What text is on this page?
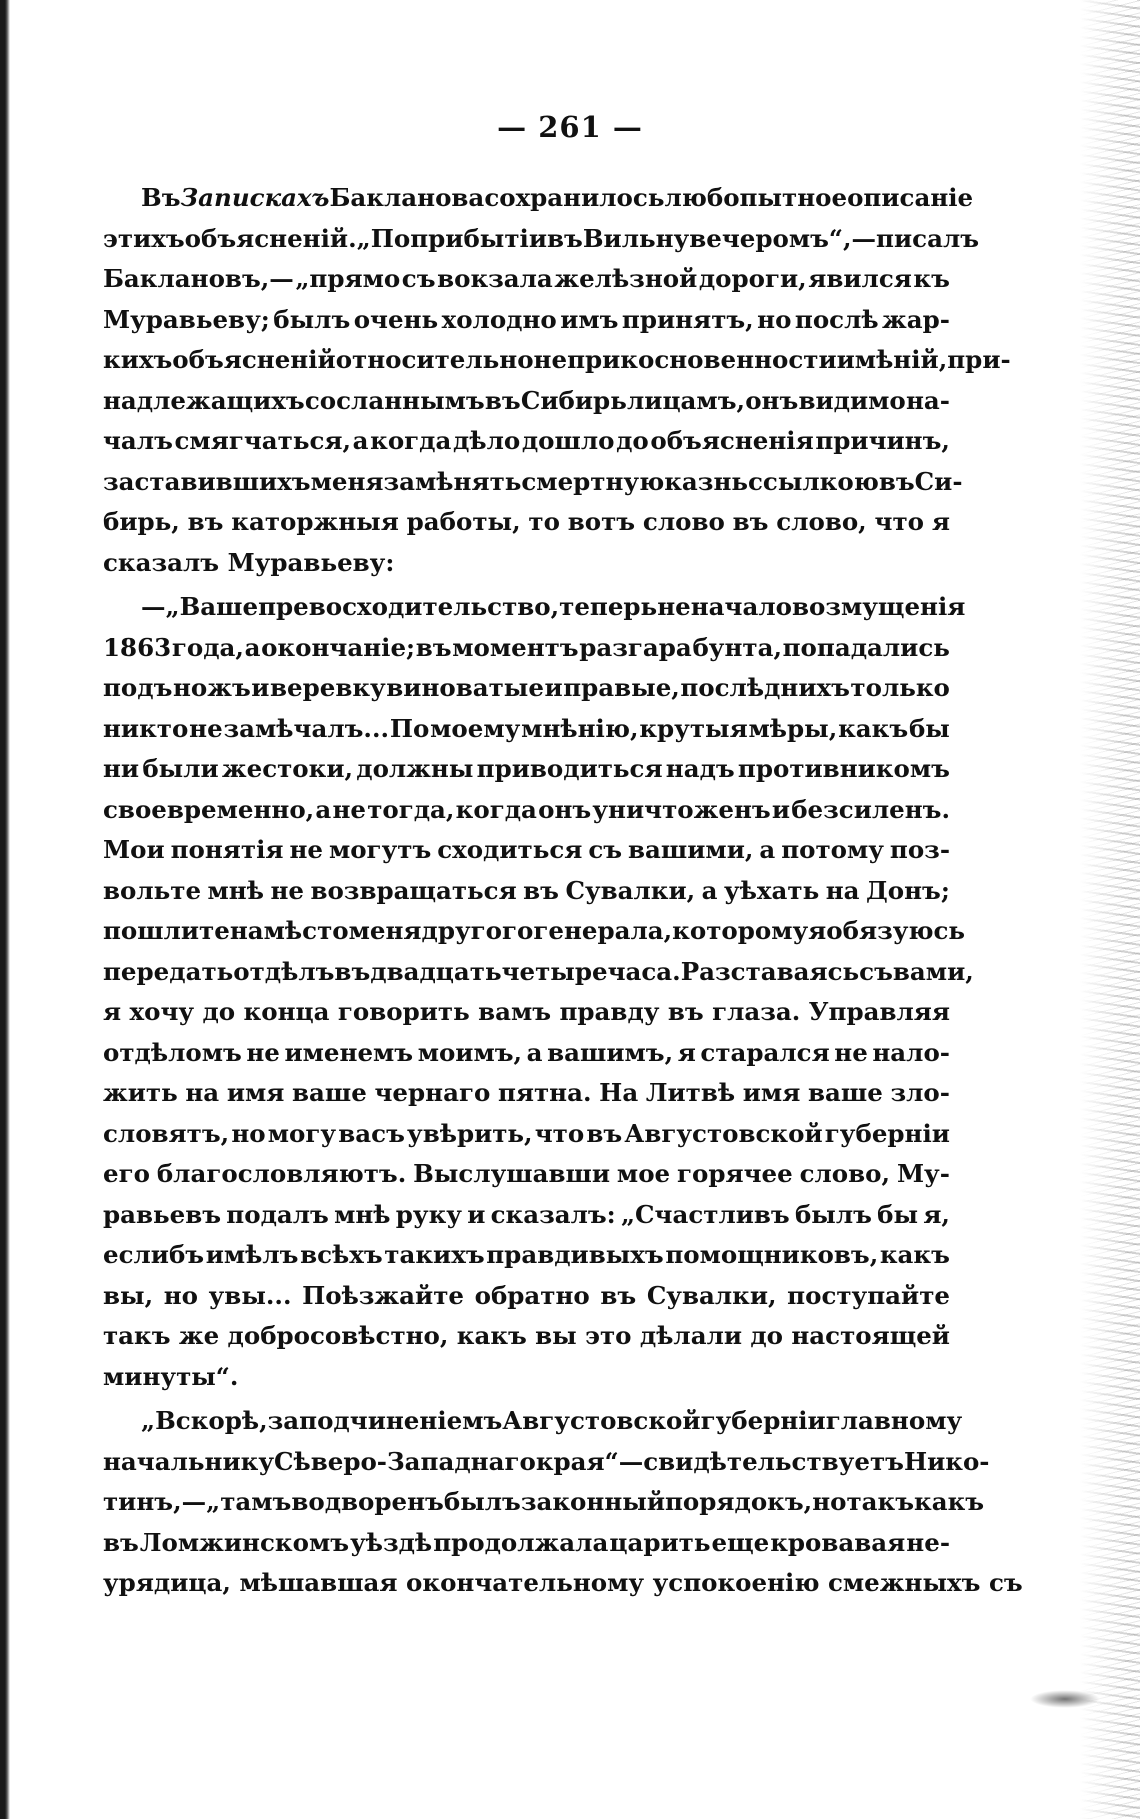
— 261 —
Въ Запискахъ Бакланова сохранилось любопытное описаніе
этихъ объясненій. „По прибытіи въ Вильну вечеромъ“,—писалъ
Баклановъ,— „прямо съ вокзала желѣзной дороги, явился къ
Муравьеву; былъ очень холодно имъ принятъ, но послѣ жар-
кихъ объясненій относительно неприкосновенности имѣній, при-
надлежащихъ сосланнымъ въ Сибирь лицамъ, онъ видимо на-
чалъ смягчаться, а когда дѣло дошло до объясненія причинъ,
заставившихъ меня замѣнять смертную казнь ссылкою въ Си-
бирь, въ каторжныя работы, то вотъ слово въ слово, что я
сказалъ
Муравьеву:
— „Ваше превосходительство, теперь не начало возмущенія
1863 года, а окончаніе; въ моментъ разгара бунта, попадались
подъ ножъ и веревку виноватые и правые, послѣднихъ только
никто не замѣчалъ... По моему мнѣнію, крутыя мѣры, какъ бы
ни были жестоки, должны приводиться надъ противникомъ
своевременно, а не тогда, когда онъ уничтоженъ и безсиленъ.
Мои понятія не могутъ сходиться съ вашими, а потому поз-
вольте мнѣ не возвращаться въ Сувалки, а уѣхать на Донъ;
пошлите на мѣсто меня другого генерала, которому я обязуюсь
передать отдѣлъ въ двадцать четыре часа. Разставаясь съ вами,
я хочу до конца говорить вамъ правду въ глаза. Управляя
отдѣломъ не именемъ моимъ, а вашимъ, я старался не нало-
жить на имя ваше чернаго пятна. На Литвѣ имя ваше зло-
словятъ, но могу васъ увѣрить, что въ Августовской губерніи
его благословляютъ. Выслушавши мое горячее слово, Му-
равьевъ подалъ мнѣ руку и сказалъ: „Счастливъ былъ бы я,
еслибъ имѣлъ всѣхъ такихъ правдивыхъ помощниковъ, какъ
вы, но увы... Поѣзжайте обратно въ Сувалки, поступайте
такъ же добросовѣстно, какъ вы это дѣлали до настоящей
минуты“.
„Вскорѣ, за подчиненіемъ Августовской губерніи главному
начальнику Сѣверо-Западнаго края“—свидѣтельствуетъ Нико-
тинъ,—„тамъ водворенъ былъ законный порядокъ, но такъ какъ
въ Ломжинскомъ уѣздѣ продолжала царить еще кровавая не-
урядица,
мѣшавшая
окончательному
успокоенію
смежныхъ
съ
